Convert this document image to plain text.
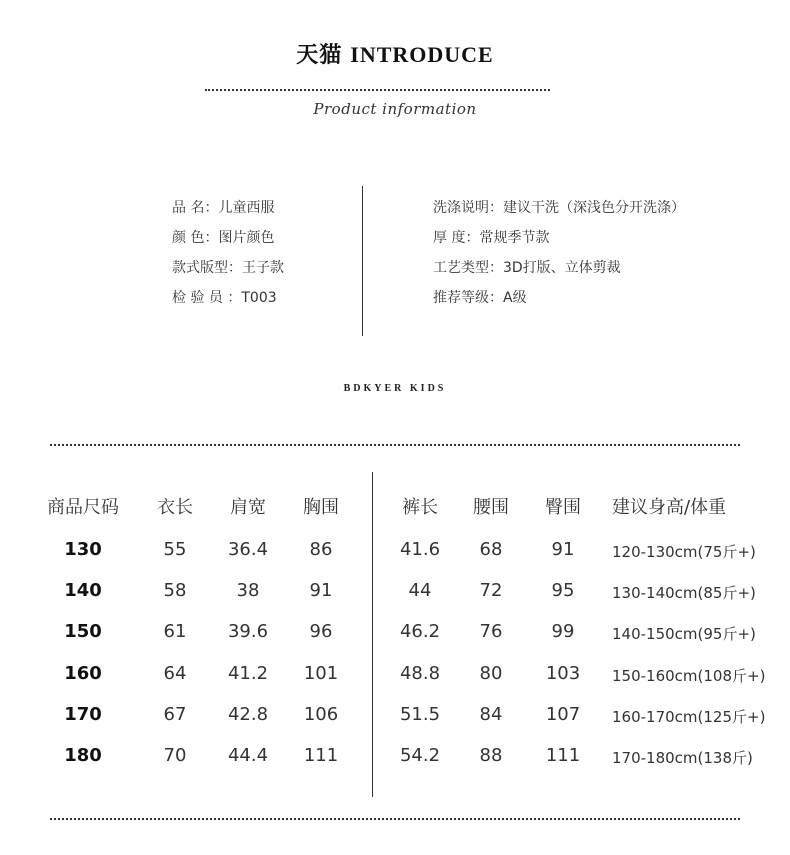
天猫 INTRODUCE
Product information
品 名：儿童西服
颜 色：图片颜色
款式版型：王子款
检 验 员 ：T003
洗涤说明：建议干洗（深浅色分开洗涤）
厚 度：常规季节款
工艺类型：3D打版、立体剪裁
推荐等级：A级
BDKYER KIDS
商品尺码 衣长 肩宽 胸围	裤长 腰围 臀围 建议身高/体重
130	55 36.4 86	41.6 68	91	120-130cm(75斤+)
140	58	38	91	44	72	95	130-140cm(85斤+)
150	61 39.6 96	46.2 76	99	140-150cm(95斤+)
160	64 41.2 101	48.8 80 103 150-160cm(108斤+)
170	67 42.8 106	51.5 84 107 160-170cm(125斤+)
180	70 44.4 111	54.2 88 111 170-180cm(138斤)
